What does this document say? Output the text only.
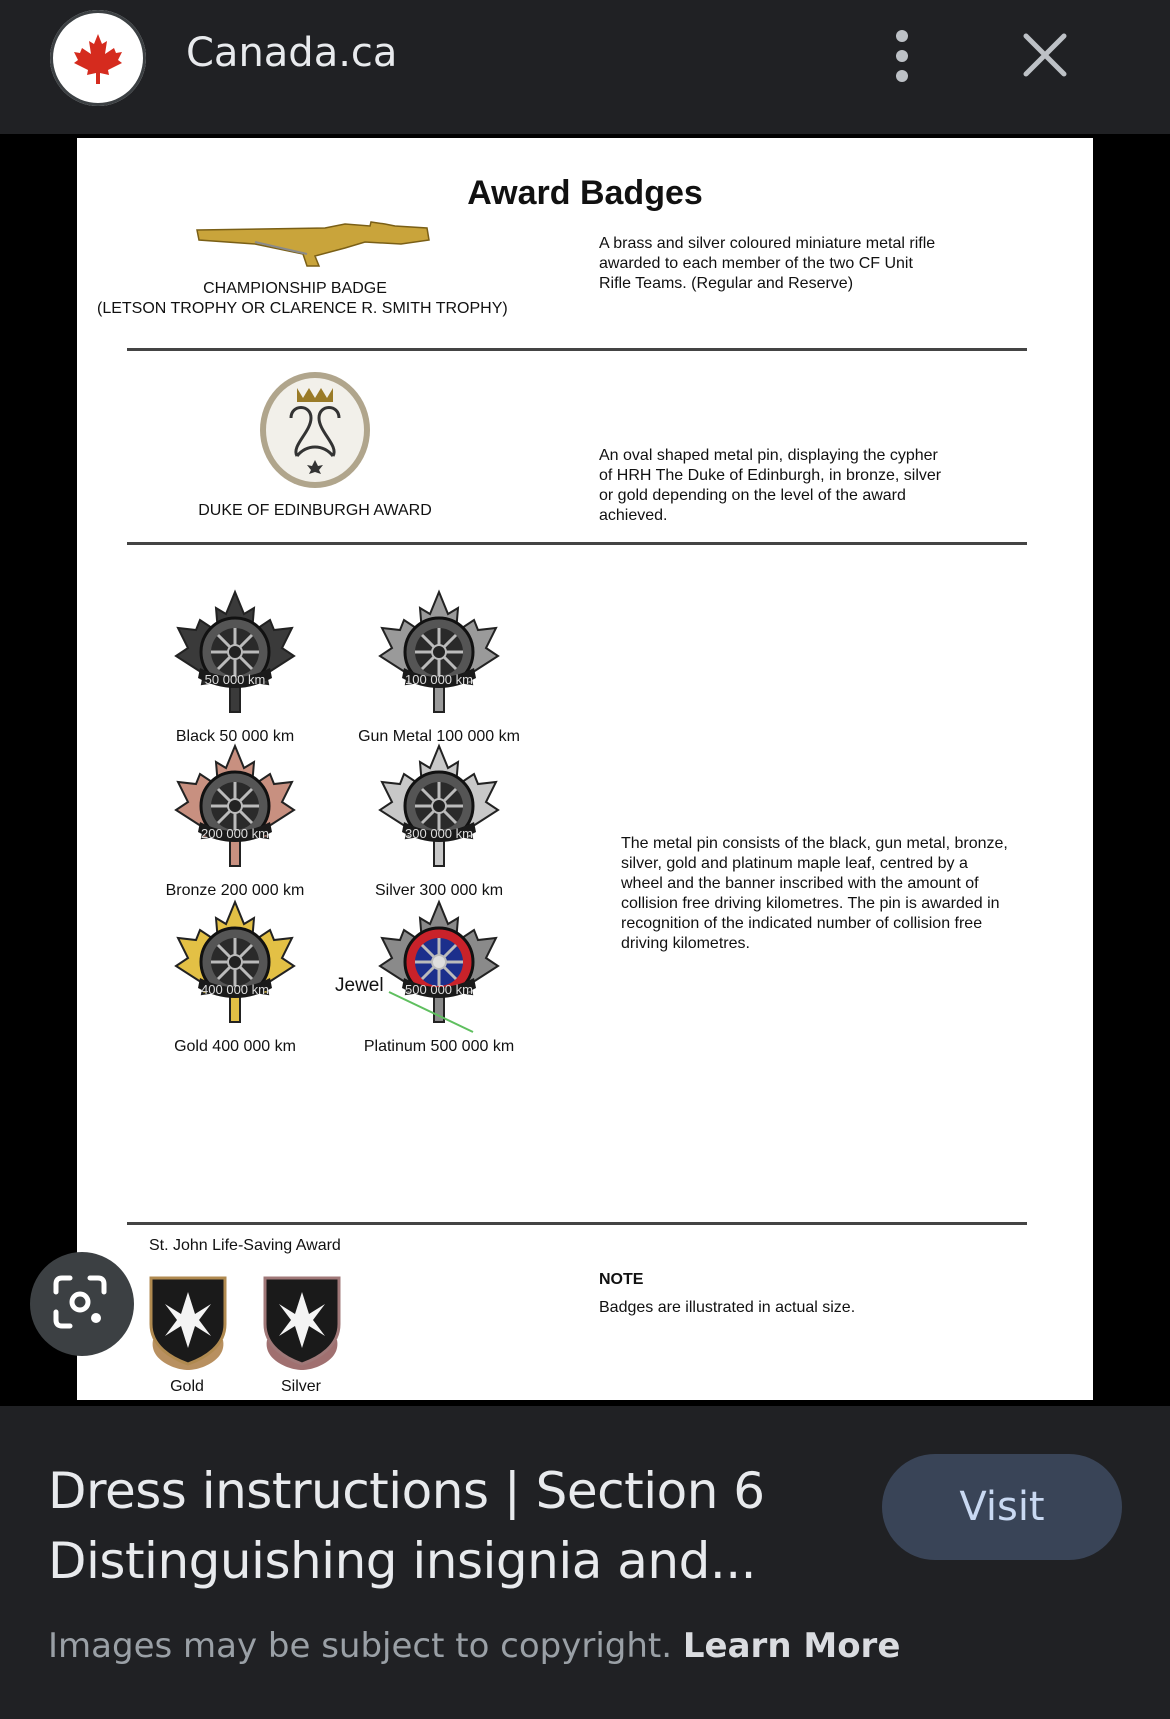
Canada.ca
Award Badges
CHAMPIONSHIP BADGE
(LETSON TROPHY OR CLARENCE R. SMITH TROPHY)
A brass and silver coloured miniature metal rifle
awarded to each member of the two CF Unit
Rifle Teams. (Regular and Reserve)
DUKE OF EDINBURGH AWARD
An oval shaped metal pin, displaying the cypher
of HRH The Duke of Edinburgh, in bronze, silver
or gold depending on the level of the award
achieved.
50 000 km
Black 50 000 km
100 000 km
Gun Metal 100 000 km
200 000 km
Bronze 200 000 km
300 000 km
Silver 300 000 km
400 000 km
Gold 400 000 km
500 000 km
Platinum 500 000 km
Jewel
The metal pin consists of the black, gun metal, bronze,
silver, gold and platinum maple leaf, centred by a
wheel and the banner inscribed with the amount of
collision free driving kilometres. The pin is awarded in
recognition of the indicated number of collision free
driving kilometres.
St. John Life-Saving Award
Gold	Silver
NOTE
Badges are illustrated in actual size.
Dress instructions | Section 6
Distinguishing insignia and...
Visit
Images may be subject to copyright. Learn More
